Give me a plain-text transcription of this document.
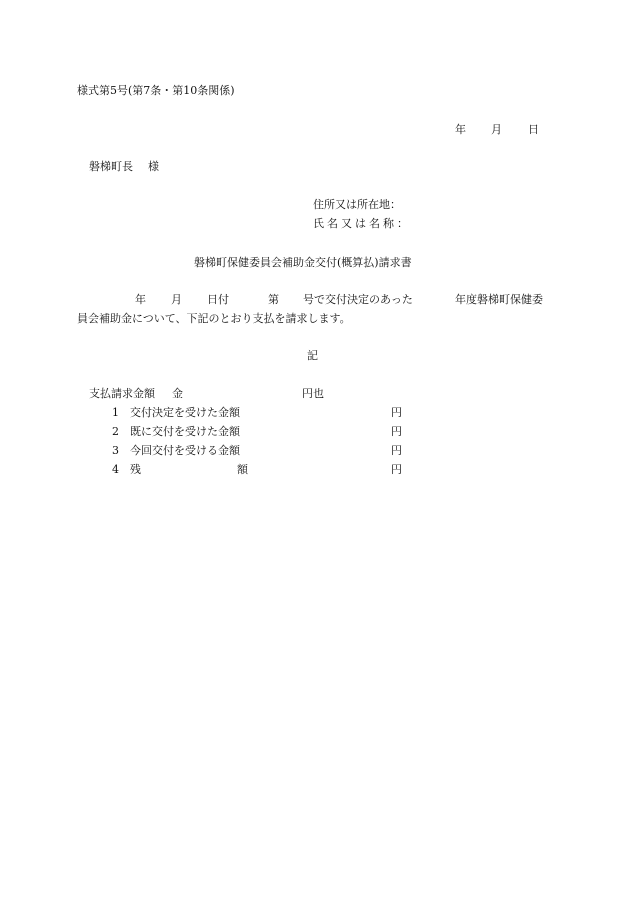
様式第5号(第7条・第10条関係)
年 月 日
磐梯町長 様
住所又は所在地：
氏名又は名称：
磐梯町保健委員会補助金交付(概算払)請求書
年 月 日付	第 号で交付決定のあった	年度磐梯町保健委
員会補助金について、下記のとおり支払を請求します。
記
支払請求金額 金	円也
1 交付決定を受けた金額	円
2 既に交付を受けた金額	円
3 今回交付を受ける金額	円
4 残	額	円
